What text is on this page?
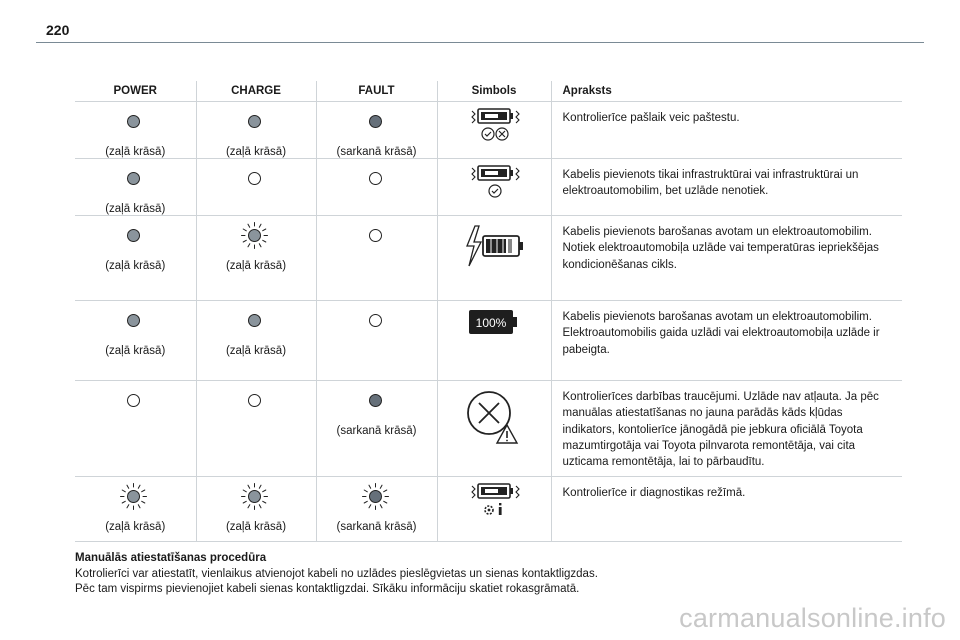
220
POWER	CHARGE	FAULT	Simbols	Apraksts

(zaļā krāsā)	(zaļā krāsā)	(sarkanā krāsā)		Kontrolierīce pašlaik veic paštestu.

(zaļā krāsā)				Kabelis pievienots tikai infrastruktūrai vai infrastruktūrai un elektroautomobilim, bet uzlāde nenotiek.

(zaļā krāsā)	(zaļā krāsā)			Kabelis pievienots barošanas avotam un elektroautomobilim. Notiek elektroautomobiļa uzlāde vai temperatūras iepriekšējas kondicionēšanas cikls.

(zaļā krāsā)	(zaļā krāsā)		100%	Kabelis pievienots barošanas avotam un elektroautomobilim. Elektroautomobilis gaida uzlādi vai elektroautomobiļa uzlāde ir pabeigta.

		(sarkanā krāsā)		Kontrolierīces darbības traucējumi. Uzlāde nav atļauta. Ja pēc manuālas atiestatīšanas no jauna parādās kāds kļūdas indikators, kontolierīce jānogādā pie jebkura oficiālā Toyota mazumtirgotāja vai Toyota pilnvarota remontētāja, vai cita uzticama remontētāja, lai to pārbaudītu.

(zaļā krāsā)	(zaļā krāsā)	(sarkanā krāsā)		Kontrolierīce ir diagnostikas režīmā.
Manuālās atiestatīšanas procedūra
Kotrolierīci var atiestatīt, vienlaikus atvienojot kabeli no uzlādes pieslēgvietas un sienas kontaktligzdas.
Pēc tam vispirms pievienojiet kabeli sienas kontaktligzdai. Sīkāku informāciju skatiet rokasgrāmatā.
carmanualsonline.info
